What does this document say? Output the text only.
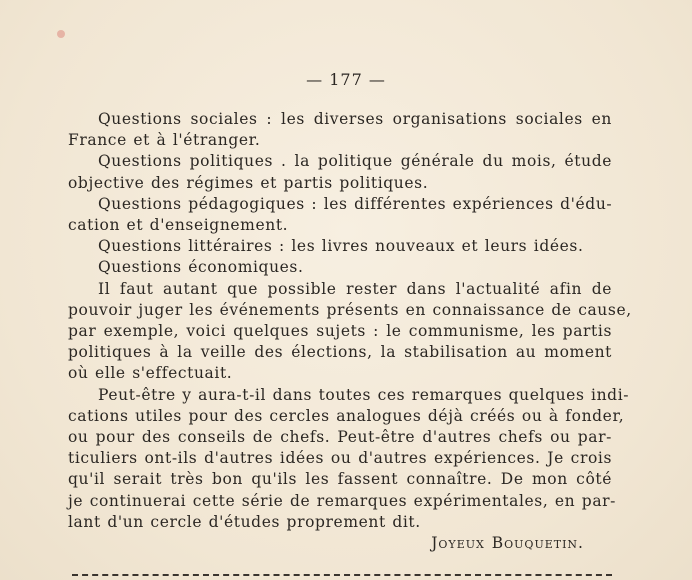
— 177 —
Questions sociales : les diverses organisations sociales en
France et à l'étranger.
Questions politiques . la politique générale du mois, étude
objective des régimes et partis politiques.
Questions pédagogiques : les différentes expériences d'édu-
cation et d'enseignement.
Questions littéraires : les livres nouveaux et leurs idées.
Questions économiques.
Il faut autant que possible rester dans l'actualité afin de
pouvoir juger les événements présents en connaissance de cause,
par exemple, voici quelques sujets : le communisme, les partis
politiques à la veille des élections, la stabilisation au moment
où elle s'effectuait.
Peut-être y aura-t-il dans toutes ces remarques quelques indi-
cations utiles pour des cercles analogues déjà créés ou à fonder,
ou pour des conseils de chefs. Peut-être d'autres chefs ou par-
ticuliers ont-ils d'autres idées ou d'autres expériences. Je crois
qu'il serait très bon qu'ils les fassent connaître. De mon côté
je continuerai cette série de remarques expérimentales, en par-
lant d'un cercle d'études proprement dit.
Joyeux Bouquetin.
